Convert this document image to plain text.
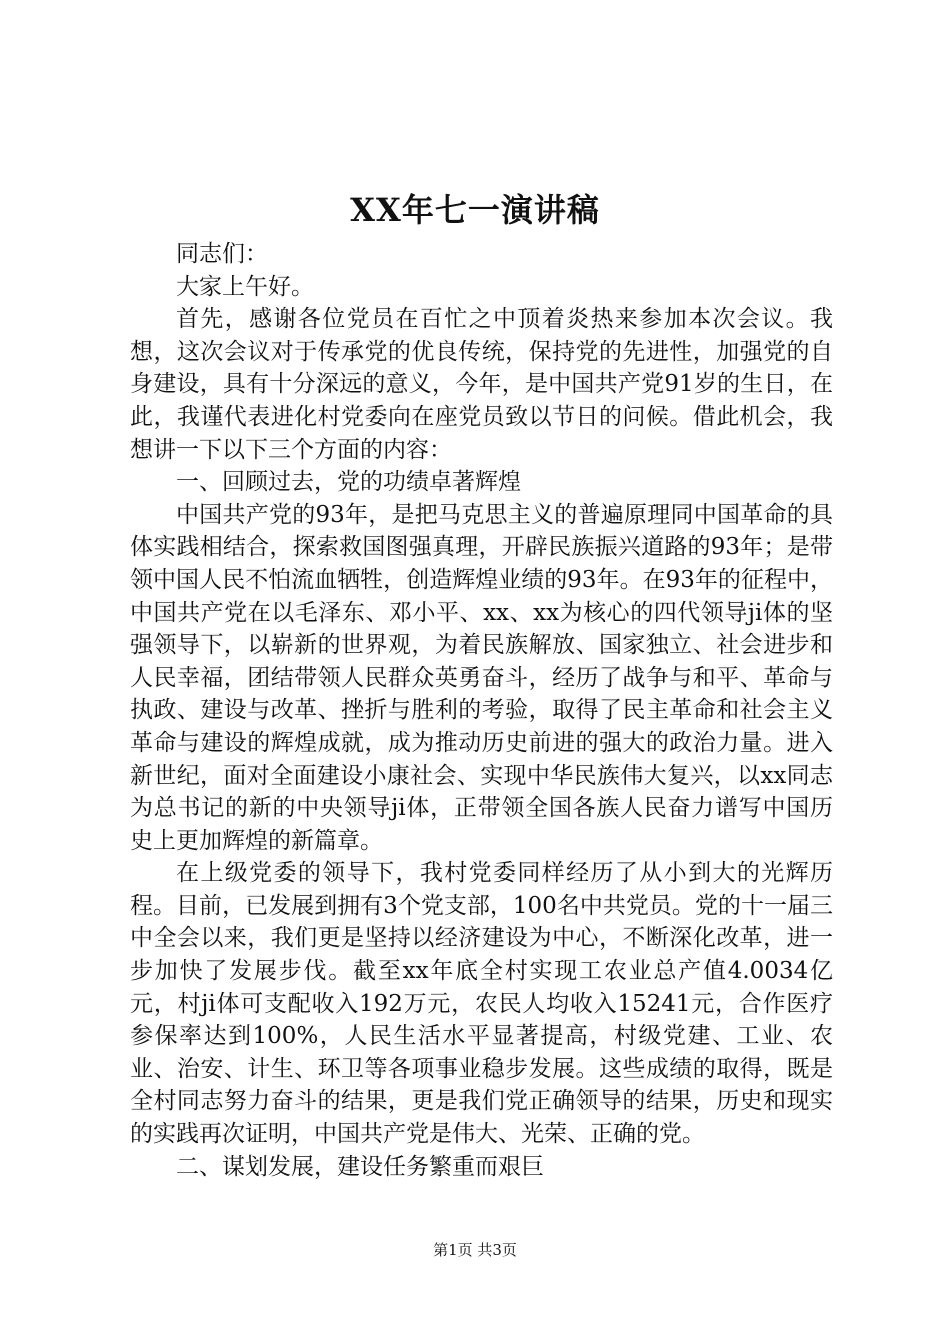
XX年七一演讲稿

同志们：

大家上午好。

首先，感谢各位党员在百忙之中顶着炎热来参加本次会议。我想，这次会议对于传承党的优良传统，保持党的先进性，加强党的自身建设，具有十分深远的意义，今年，是中国共产党91岁的生日，在此，我谨代表进化村党委向在座党员致以节日的问候。借此机会，我想讲一下以下三个方面的内容：

一、回顾过去，党的功绩卓著辉煌

中国共产党的93年，是把马克思主义的普遍原理同中国革命的具体实践相结合，探索救国图强真理，开辟民族振兴道路的93年；是带领中国人民不怕流血牺牲，创造辉煌业绩的93年。在93年的征程中，中国共产党在以毛泽东、邓小平、xx、xx为核心的四代领导ji体的坚强领导下，以崭新的世界观，为着民族解放、国家独立、社会进步和人民幸福，团结带领人民群众英勇奋斗，经历了战争与和平、革命与执政、建设与改革、挫折与胜利的考验，取得了民主革命和社会主义革命与建设的辉煌成就，成为推动历史前进的强大的政治力量。进入新世纪，面对全面建设小康社会、实现中华民族伟大复兴，以xx同志为总书记的新的中央领导ji体，正带领全国各族人民奋力谱写中国历史上更加辉煌的新篇章。

在上级党委的领导下，我村党委同样经历了从小到大的光辉历程。目前，已发展到拥有3个党支部，100名中共党员。党的十一届三中全会以来，我们更是坚持以经济建设为中心，不断深化改革，进一步加快了发展步伐。截至xx年底全村实现工农业总产值4.0034亿元，村ji体可支配收入192万元，农民人均收入15241元，合作医疗参保率达到100%，人民生活水平显著提高，村级党建、工业、农业、治安、计生、环卫等各项事业稳步发展。这些成绩的取得，既是全村同志努力奋斗的结果，更是我们党正确领导的结果，历史和现实的实践再次证明，中国共产党是伟大、光荣、正确的党。

二、谋划发展，建设任务繁重而艰巨

第1页 共3页
